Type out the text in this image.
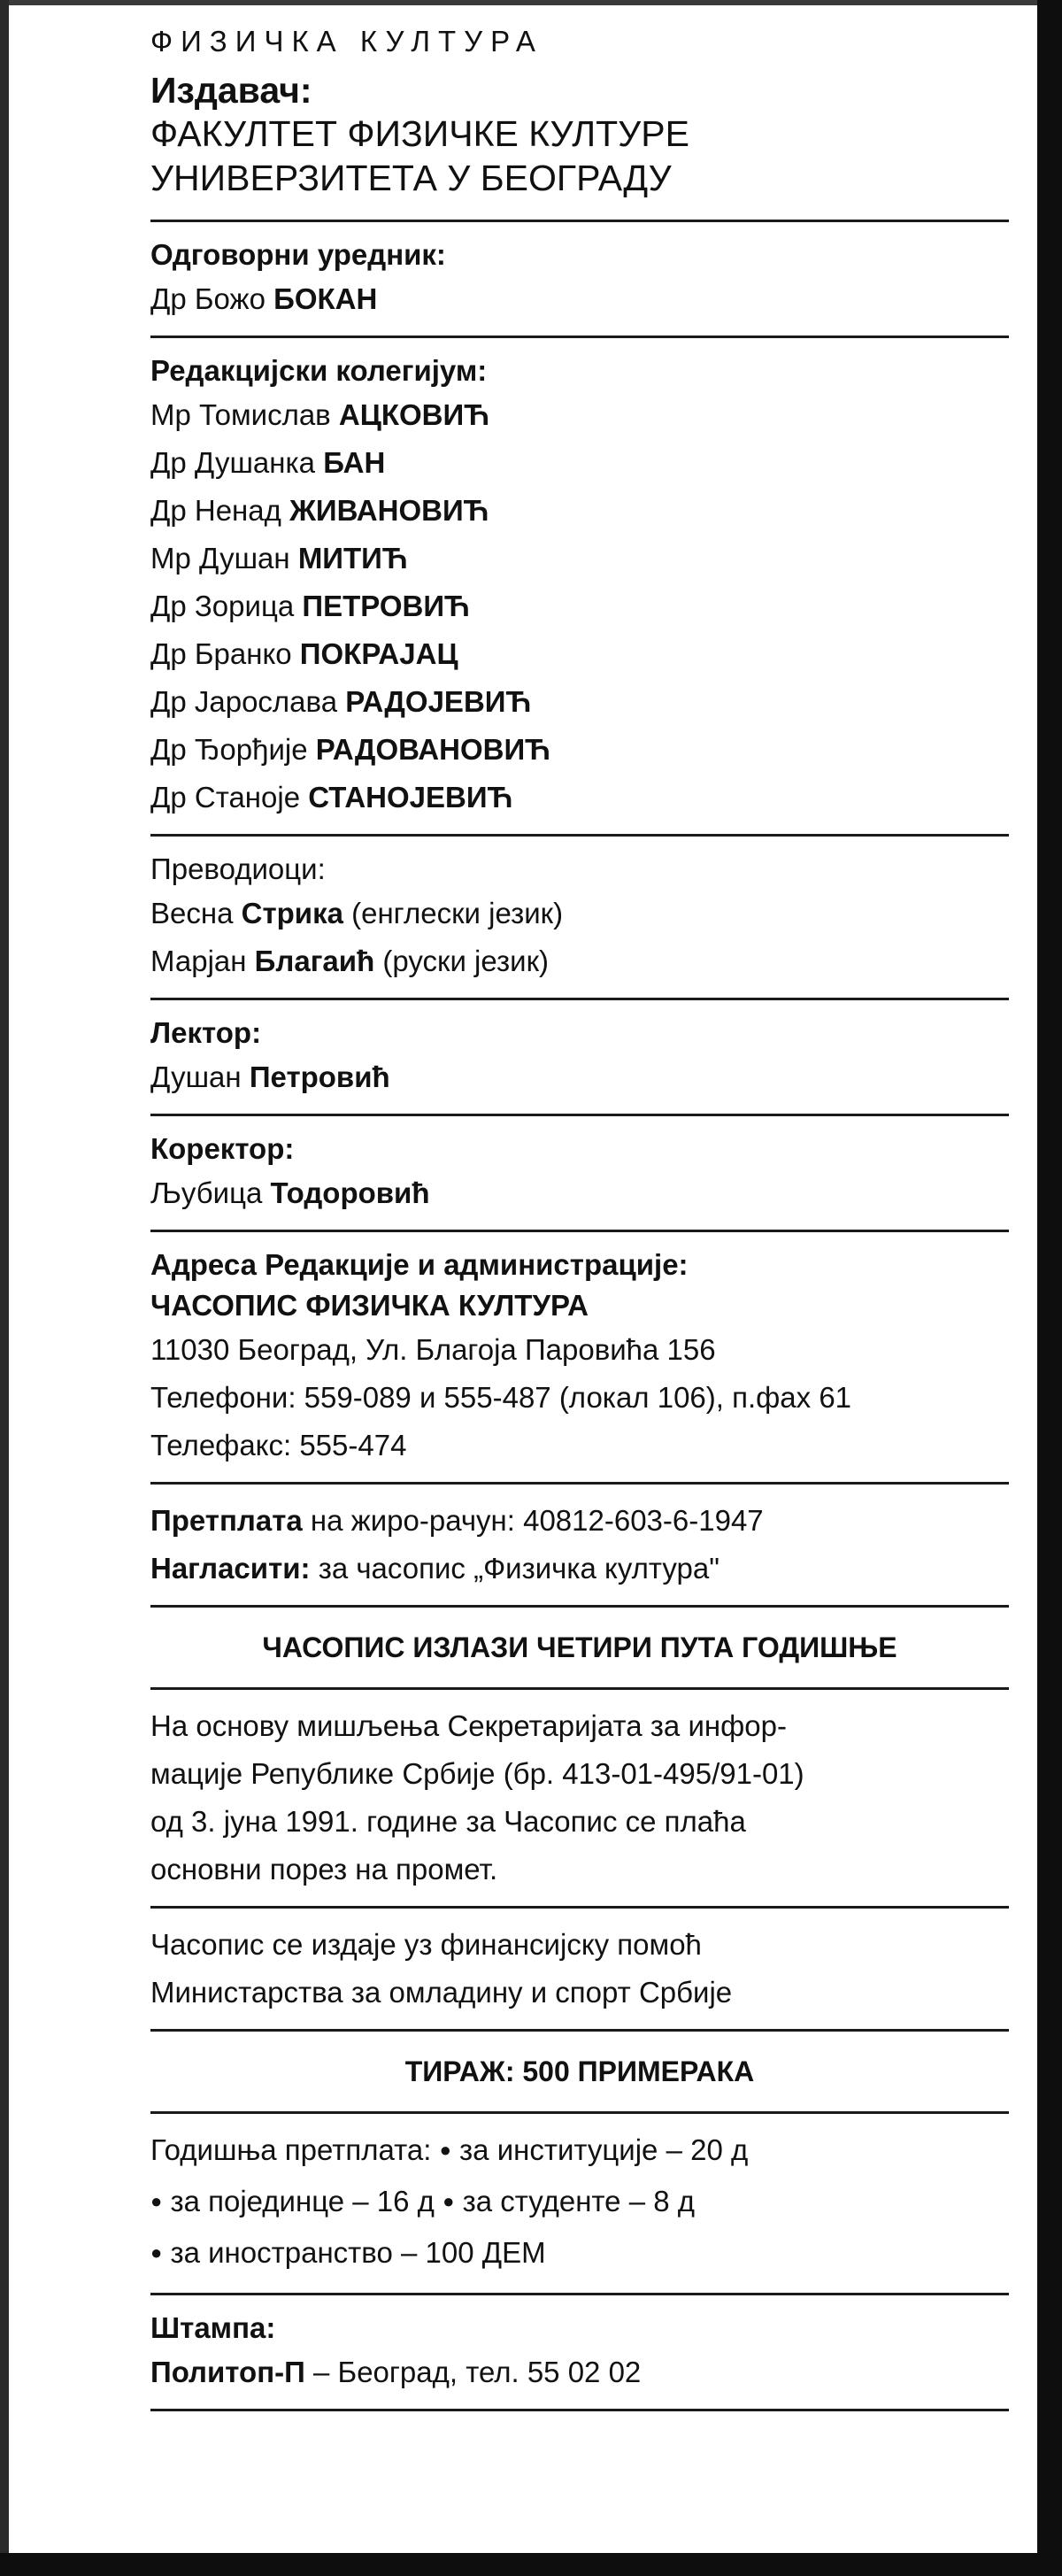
ФИЗИЧКА КУЛТУРА
Издавач:
ФАКУЛТЕТ ФИЗИЧКЕ КУЛТУРЕ
УНИВЕРЗИТЕТА У БЕОГРАДУ
Одговорни уредник:
Др Божо БОКАН
Редакцијски колегијум:
Мр Томислав АЦКОВИЋ
Др Душанка БАН
Др Ненад ЖИВАНОВИЋ
Мр Душан МИТИЋ
Др Зорица ПЕТРОВИЋ
Др Бранко ПОКРАЈАЦ
Др Јарослава РАДОЈЕВИЋ
Др Ђорђије РАДОВАНОВИЋ
Др Станоје СТАНОЈЕВИЋ
Преводиоци:
Весна Стрика (енглески језик)
Марјан Благаић (руски језик)
Лектор:
Душан Петровић
Коректор:
Љубица Тодоровић
Адреса Редакције и администрације:
ЧАСОПИС ФИЗИЧКА КУЛТУРА
11030 Београд, Ул. Благоја Паровића 156
Телефони: 559-089 и 555-487 (локал 106), п.фах 61
Телефакс: 555-474
Претплата на жиро-рачун: 40812-603-6-1947
Нагласити: за часопис „Физичка култура"
ЧАСОПИС ИЗЛАЗИ ЧЕТИРИ ПУТА ГОДИШЊЕ
На основу мишљења Секретаријата за инфор-
мације Републике Србије (бр. 413-01-495/91-01)
од 3. јуна 1991. године за Часопис се плаћа
основни порез на промет.
Часопис се издаје уз финансијску помоћ
Министарства за омладину и спорт Србије
ТИРАЖ: 500 ПРИМЕРАКА
Годишња претплата: ● за институције – 20 д
● за појединце – 16 д ● за студенте – 8 д
● за иностранство – 100 ДЕМ
Штампа:
Политоп-П – Београд, тел. 55 02 02
